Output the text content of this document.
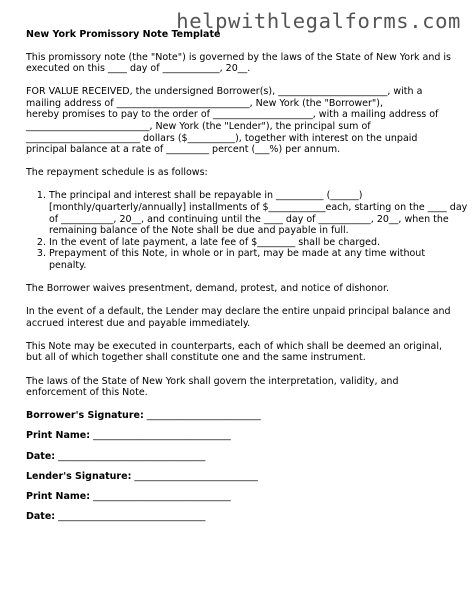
helpwithlegalforms.com
New York Promissory Note Template

This promissory note (the "Note") is governed by the laws of the State of New York and is
executed on this ____ day of ____________, 20__.

FOR VALUE RECEIVED, the undersigned Borrower(s), _______________________, with a
mailing address of ____________________________, New York (the "Borrower"),
hereby promises to pay to the order of _____________________, with a mailing address of
__________________________, New York (the "Lender"), the principal sum of
________________________ dollars ($__________), together with interest on the unpaid
principal balance at a rate of _________ percent (___%) per annum.

The repayment schedule is as follows:

1. The principal and interest shall be repayable in __________ (______)
[monthly/quarterly/annually] installments of $____________each, starting on the ____ day
of ___________, 20__, and continuing until the ____ day of ___________, 20__, when the
remaining balance of the Note shall be due and payable in full.
2. In the event of late payment, a late fee of $________ shall be charged.
3. Prepayment of this Note, in whole or in part, may be made at any time without
penalty.

The Borrower waives presentment, demand, protest, and notice of dishonor.

In the event of a default, the Lender may declare the entire unpaid principal balance and
accrued interest due and payable immediately.

This Note may be executed in counterparts, each of which shall be deemed an original,
but all of which together shall constitute one and the same instrument.

The laws of the State of New York shall govern the interpretation, validity, and
enforcement of this Note.

Borrower's Signature: ________________________
Print Name: _____________________________
Date: _______________________________
Lender's Signature: __________________________
Print Name: _____________________________
Date: _______________________________
